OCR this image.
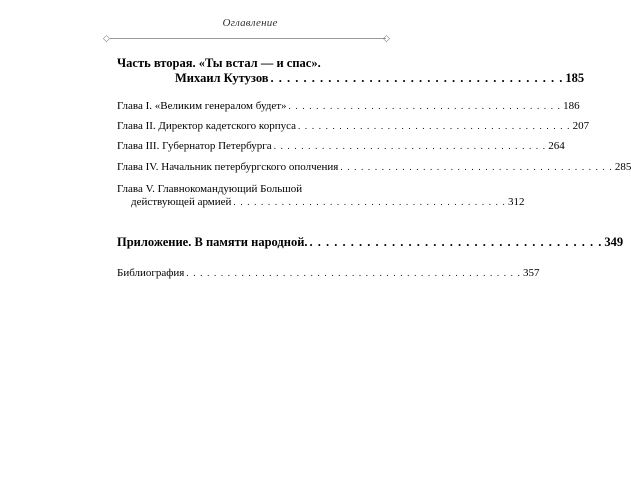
Оглавление
◇	◇
Часть вторая. «Ты встал — и спас».
Михаил Кутузов . . . . . . . . . . . . . . . . . . . . . . . . . . . . . . . . . . . . 185
Глава I. «Великим генералом будет» . . . . . . . . . . . . . . . . . . . . . . . . . . . . . . . . . . . . . . . . 186
Глава II. Директор кадетского корпуса . . . . . . . . . . . . . . . . . . . . . . . . . . . . . . . . . . . . . . . . 207
Глава III. Губернатор Петербурга . . . . . . . . . . . . . . . . . . . . . . . . . . . . . . . . . . . . . . . . 264
Глава IV. Начальник петербургского ополчения . . . . . . . . . . . . . . . . . . . . . . . . . . . . . . . . . . . . . . . . 285
Глава V. Главнокомандующий Большой
действующей армией . . . . . . . . . . . . . . . . . . . . . . . . . . . . . . . . . . . . . . . . 312
Приложение. В памяти народной. . . . . . . . . . . . . . . . . . . . . . . . . . . . . . . . . . . . . 349
Библиография . . . . . . . . . . . . . . . . . . . . . . . . . . . . . . . . . . . . . . . . . . . . . . . . . 357
